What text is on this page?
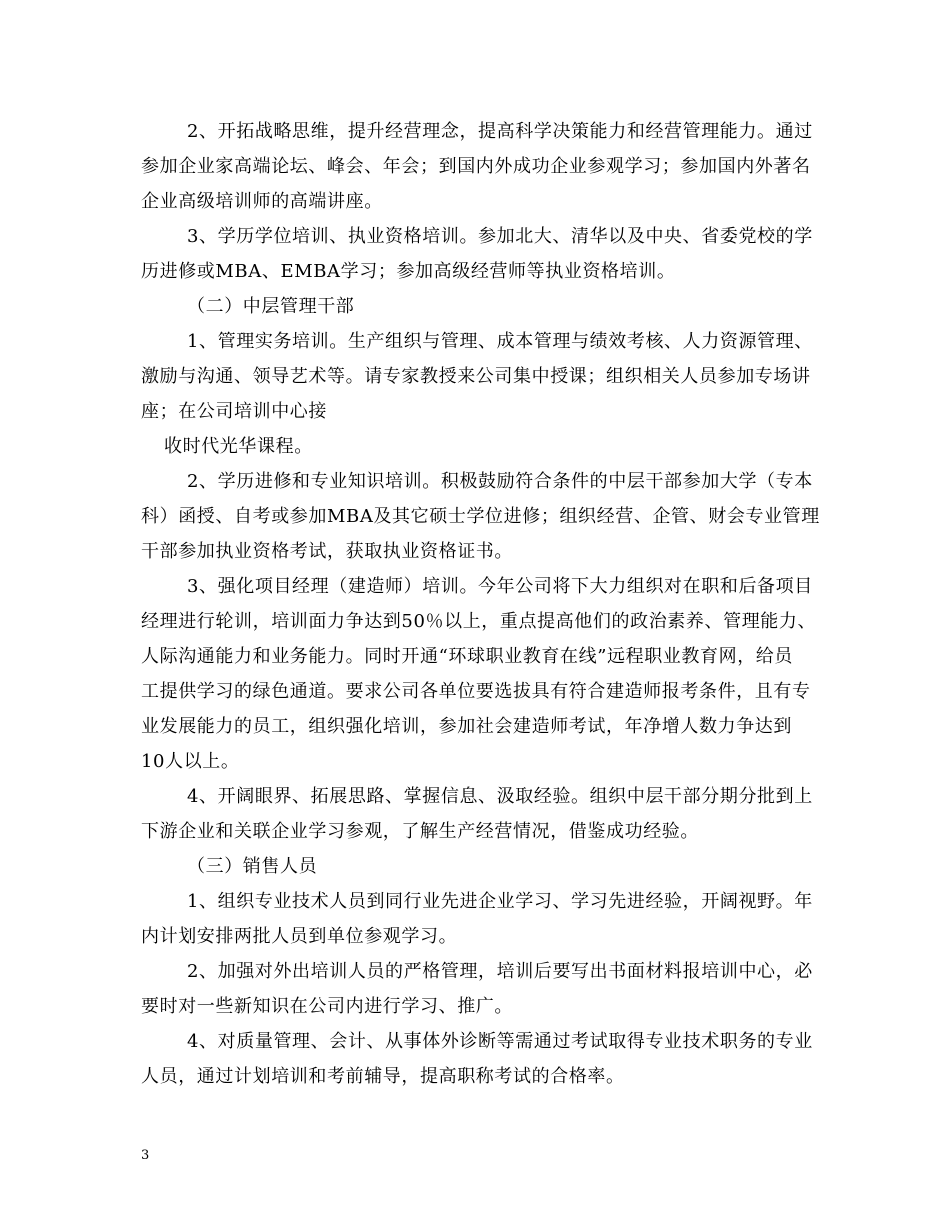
2、开拓战略思维，提升经营理念，提高科学决策能力和经营管理能力。通过
参加企业家高端论坛、峰会、年会；到国内外成功企业参观学习；参加国内外著名
企业高级培训师的高端讲座。
3、学历学位培训、执业资格培训。参加北大、清华以及中央、省委党校的学
历进修或MBA、EMBA学习；参加高级经营师等执业资格培训。
（二）中层管理干部
1、管理实务培训。生产组织与管理、成本管理与绩效考核、人力资源管理、
激励与沟通、领导艺术等。请专家教授来公司集中授课；组织相关人员参加专场讲
座；在公司培训中心接
收时代光华课程。
2、学历进修和专业知识培训。积极鼓励符合条件的中层干部参加大学（专本
科）函授、自考或参加MBA及其它硕士学位进修；组织经营、企管、财会专业管理
干部参加执业资格考试，获取执业资格证书。
3、强化项目经理（建造师）培训。今年公司将下大力组织对在职和后备项目
经理进行轮训，培训面力争达到50％以上，重点提高他们的政治素养、管理能力、
人际沟通能力和业务能力。同时开通“环球职业教育在线”远程职业教育网，给员
工提供学习的绿色通道。要求公司各单位要选拔具有符合建造师报考条件，且有专
业发展能力的员工，组织强化培训，参加社会建造师考试，年净增人数力争达到
10人以上。
4、开阔眼界、拓展思路、掌握信息、汲取经验。组织中层干部分期分批到上
下游企业和关联企业学习参观，了解生产经营情况，借鉴成功经验。
（三）销售人员
1、组织专业技术人员到同行业先进企业学习、学习先进经验，开阔视野。年
内计划安排两批人员到单位参观学习。
2、加强对外出培训人员的严格管理，培训后要写出书面材料报培训中心，必
要时对一些新知识在公司内进行学习、推广。
4、对质量管理、会计、从事体外诊断等需通过考试取得专业技术职务的专业
人员，通过计划培训和考前辅导，提高职称考试的合格率。
3
